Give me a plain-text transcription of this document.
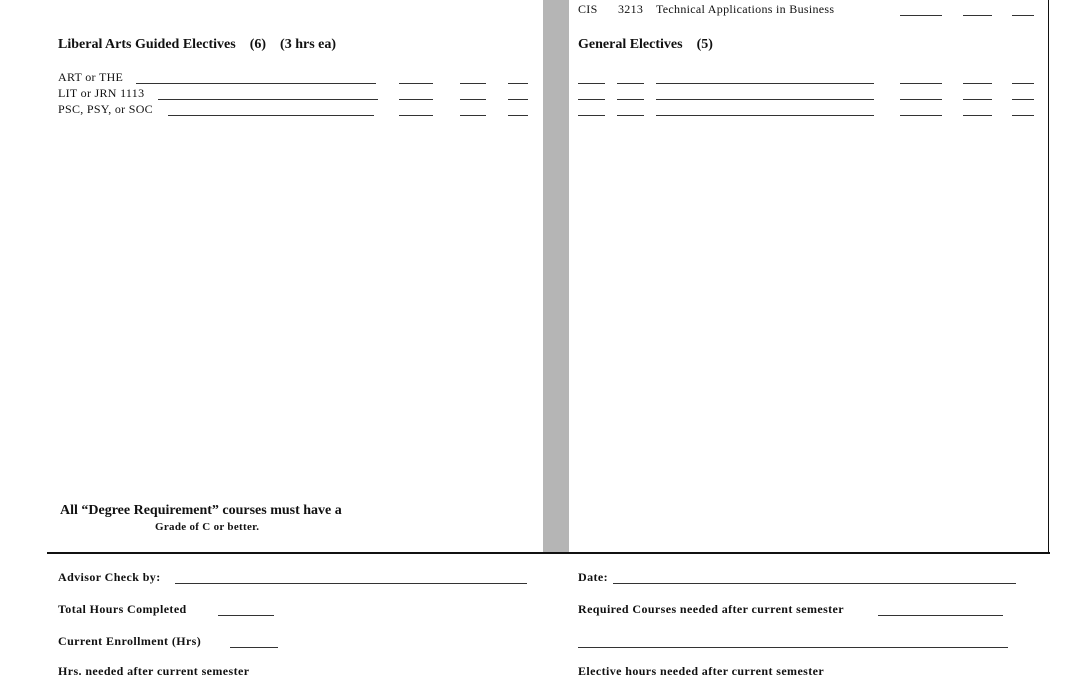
CIS 3213 Technical Applications in Business
Liberal Arts Guided Electives (6) (3 hrs ea)
ART or THE
LIT or JRN 1113
PSC, PSY, or SOC
General Electives (5)
All “Degree Requirement” courses must have a
Grade of C or better.
Advisor Check by:	Date:
Total Hours Completed	Required Courses needed after current semester
Current Enrollment (Hrs)
Hrs. needed after current semester	Elective hours needed after current semester
